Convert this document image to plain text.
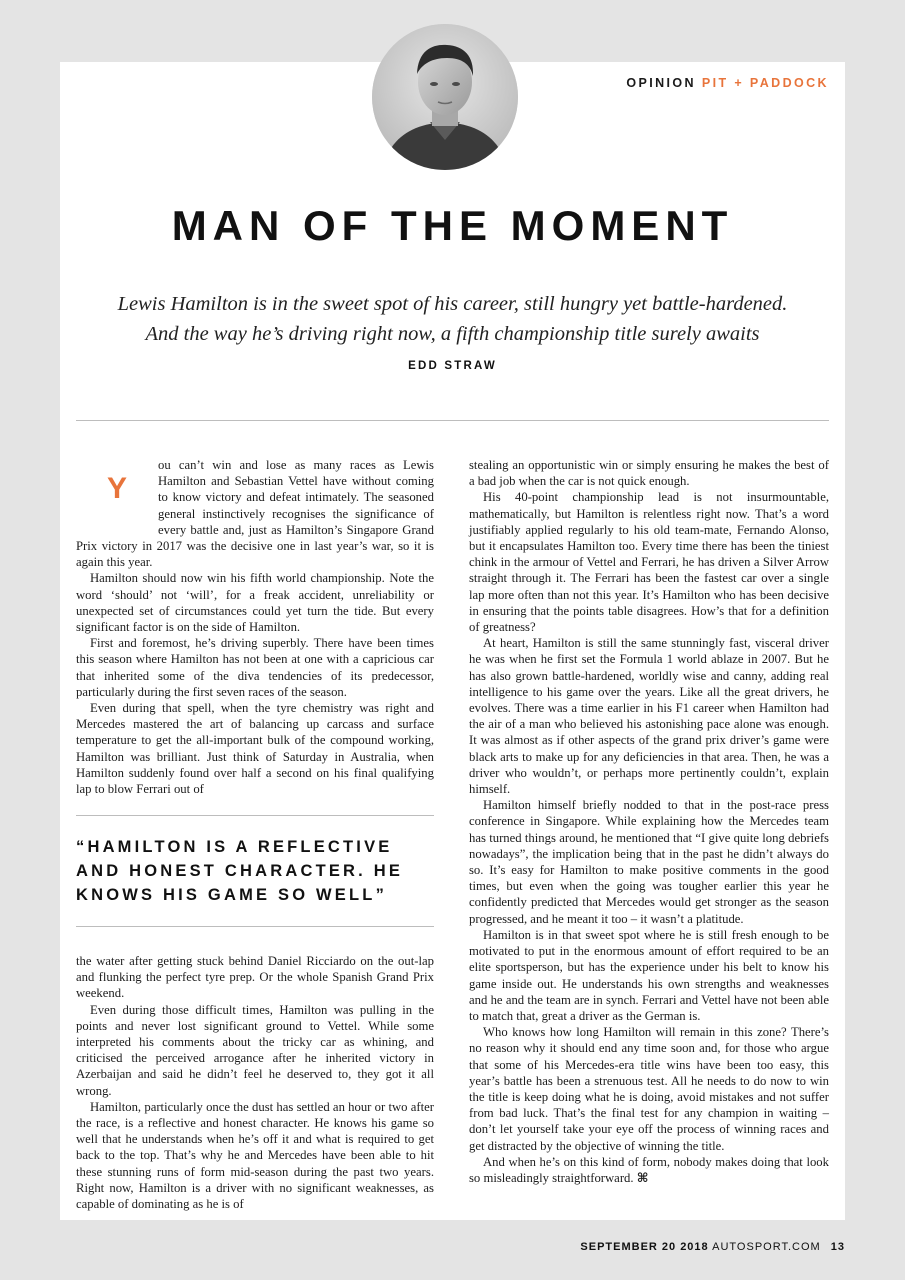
OPINION PIT + PADDOCK
MAN OF THE MOMENT
Lewis Hamilton is in the sweet spot of his career, still hungry yet battle-hardened.
And the way he’s driving right now, a fifth championship title surely awaits
EDD STRAW

Y
ou can’t win and lose as many races as Lewis Hamilton and Sebastian Vettel have without coming to know victory and defeat intimately. The seasoned general instinctively recognises the significance of every battle and, just as Hamilton’s Singapore Grand Prix victory in 2017 was the decisive one in last year’s war, so it is again this year.

Hamilton should now win his fifth world championship. Note the word ‘should’ not ‘will’, for a freak accident, unreliability or unexpected set of circumstances could yet turn the tide. But every significant factor is on the side of Hamilton.

First and foremost, he’s driving superbly. There have been times this season where Hamilton has not been at one with a capricious car that inherited some of the diva tendencies of its predecessor, particularly during the first seven races of the season.

Even during that spell, when the tyre chemistry was right and Mercedes mastered the art of balancing up carcass and surface temperature to get the all-important bulk of the compound working, Hamilton was brilliant. Just think of Saturday in Australia, when Hamilton suddenly found over half a second on his final qualifying lap to blow Ferrari out of

“HAMILTON IS A REFLECTIVE
AND HONEST CHARACTER. HE
KNOWS HIS GAME SO WELL”

the water after getting stuck behind Daniel Ricciardo on the out-lap and flunking the perfect tyre prep. Or the whole Spanish Grand Prix weekend.

Even during those difficult times, Hamilton was pulling in the points and never lost significant ground to Vettel. While some interpreted his comments about the tricky car as whining, and criticised the perceived arrogance after he inherited victory in Azerbaijan and said he didn’t feel he deserved to, they got it all wrong.

Hamilton, particularly once the dust has settled an hour or two after the race, is a reflective and honest character. He knows his game so well that he understands when he’s off it and what is required to get back to the top. That’s why he and Mercedes have been able to hit these stunning runs of form mid-season during the past two years. Right now, Hamilton is a driver with no significant weaknesses, as capable of dominating as he is of

stealing an opportunistic win or simply ensuring he makes the best of a bad job when the car is not quick enough.

His 40-point championship lead is not insurmountable, mathematically, but Hamilton is relentless right now. That’s a word justifiably applied regularly to his old team-mate, Fernando Alonso, but it encapsulates Hamilton too. Every time there has been the tiniest chink in the armour of Vettel and Ferrari, he has driven a Silver Arrow straight through it. The Ferrari has been the fastest car over a single lap more often than not this year. It’s Hamilton who has been decisive in ensuring that the points table disagrees. How’s that for a definition of greatness?

At heart, Hamilton is still the same stunningly fast, visceral driver he was when he first set the Formula 1 world ablaze in 2007. But he has also grown battle-hardened, worldly wise and canny, adding real intelligence to his game over the years. Like all the great drivers, he evolves. There was a time earlier in his F1 career when Hamilton had the air of a man who believed his astonishing pace alone was enough. It was almost as if other aspects of the grand prix driver’s game were black arts to make up for any deficiencies in that area. Then, he was a driver who wouldn’t, or perhaps more pertinently couldn’t, explain himself.

Hamilton himself briefly nodded to that in the post-race press conference in Singapore. While explaining how the Mercedes team has turned things around, he mentioned that “I give quite long debriefs nowadays”, the implication being that in the past he didn’t always do so. It’s easy for Hamilton to make positive comments in the good times, but even when the going was tougher earlier this year he confidently predicted that Mercedes would get stronger as the season progressed, and he meant it too – it wasn’t a platitude.

Hamilton is in that sweet spot where he is still fresh enough to be motivated to put in the enormous amount of effort required to be an elite sportsperson, but has the experience under his belt to know his game inside out. He understands his own strengths and weaknesses and he and the team are in synch. Ferrari and Vettel have not been able to match that, great a driver as the German is.

Who knows how long Hamilton will remain in this zone? There’s no reason why it should end any time soon and, for those who argue that some of his Mercedes-era title wins have been too easy, this year’s battle has been a strenuous test. All he needs to do now to win the title is keep doing what he is doing, avoid mistakes and not suffer from bad luck. That’s the final test for any champion in waiting – don’t let yourself take your eye off the process of winning races and get distracted by the objective of winning the title.

And when he’s on this kind of form, nobody makes doing that look so misleadingly straightforward. ⌘

SEPTEMBER 20 2018 AUTOSPORT.COM 13
